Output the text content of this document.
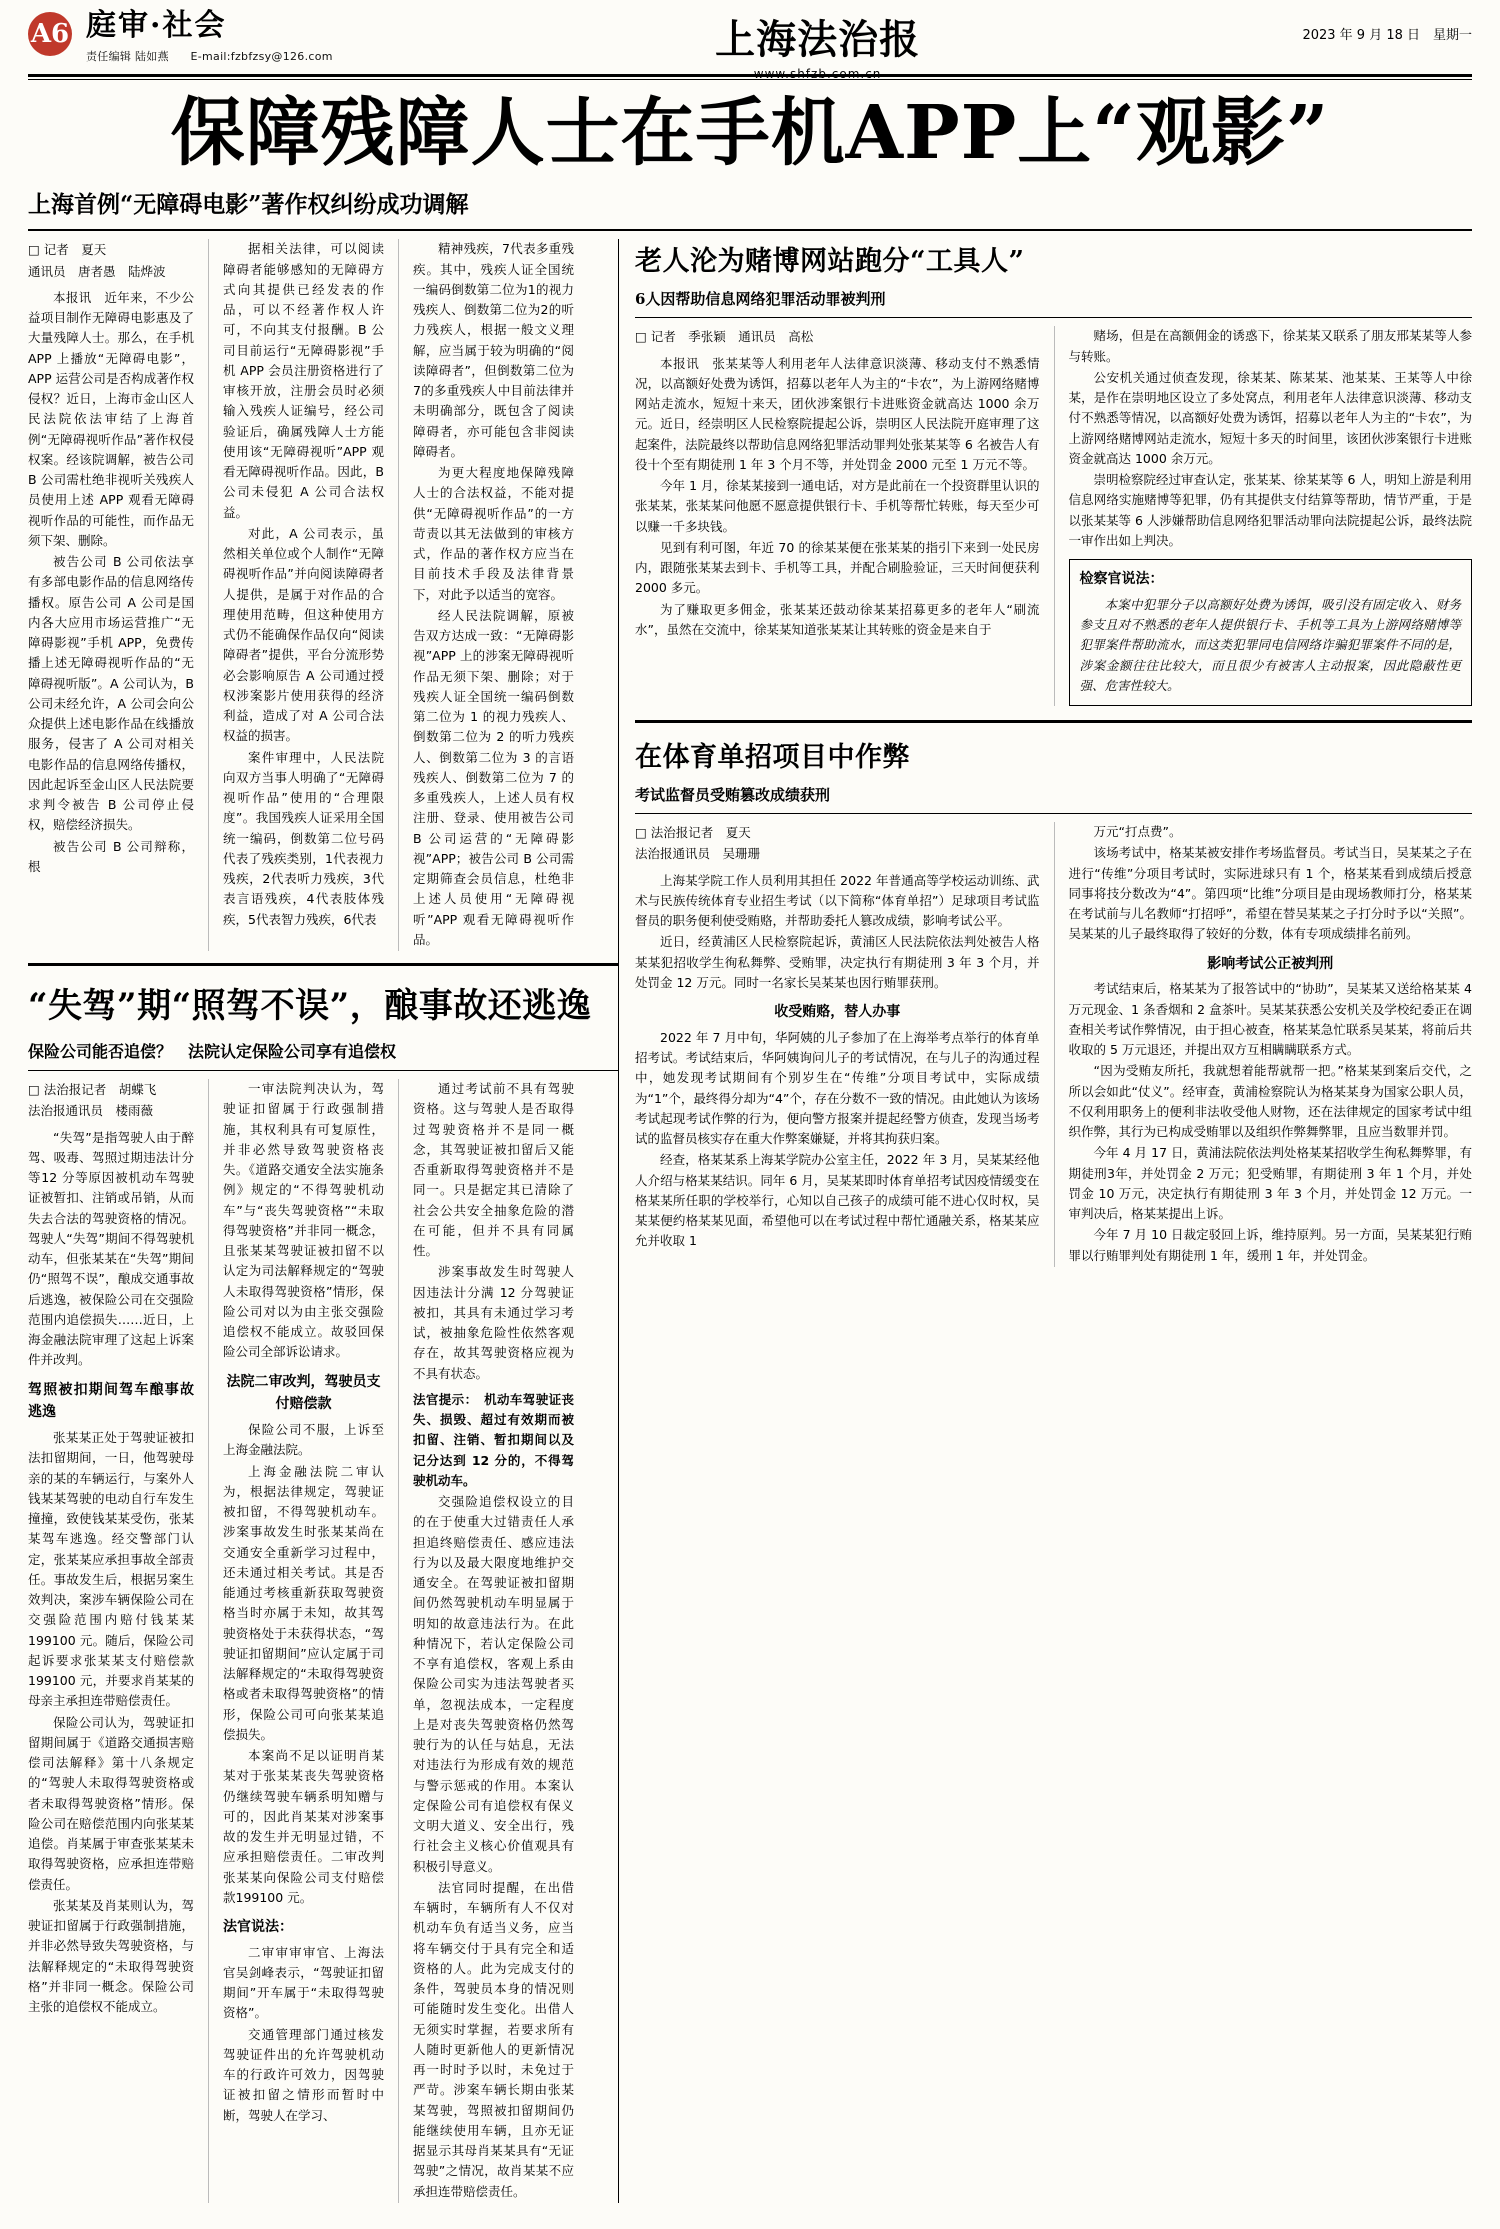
A6 庭审·社会
责任编辑 陆如燕 E-mail:fzbfzsy@126.com	上海法治报
www.shfzb.com.cn
2023 年 9 月 18 日　星期一
保障残障人士在手机APP上“观影”
上海首例“无障碍电影”著作权纠纷成功调解
□ 记者　夏天
通讯员　唐者愚　陆烨波

本报讯　近年来，不少公益项目制作无障碍电影惠及了大量残障人士。那么，在手机 APP 上播放“无障碍电影”，APP 运营公司是否构成著作权侵权？近日，上海市金山区人民法院依法审结了上海首例“无障碍视听作品”著作权侵权案。经该院调解，被告公司 B 公司需杜绝非视听关残疾人员使用上述 APP 观看无障碍视听作品的可能性，而作品无须下架、删除。

被告公司 B 公司依法享有多部电影作品的信息网络传播权。原告公司 A 公司是国内各大应用市场运营推广“无障碍影视”手机 APP，免费传播上述无障碍视听作品的“无障碍视听版”。A 公司认为，B 公司未经允许，A 公司会向公众提供上述电影作品在线播放服务，侵害了 A 公司对相关电影作品的信息网络传播权，因此起诉至金山区人民法院要求判令被告 B 公司停止侵权，赔偿经济损失。

被告公司 B 公司辩称，根

据相关法律，可以阅读障碍者能够感知的无障碍方式向其提供已经发表的作品，可以不经著作权人许可，不向其支付报酬。B 公司目前运行“无障碍影视”手机 APP 会员注册资格进行了审核开放，注册会员时必须输入残疾人证编号，经公司验证后，确属残障人士方能使用该“无障碍视听”APP 观看无障碍视听作品。因此，B 公司未侵犯 A 公司合法权益。

对此，A 公司表示，虽然相关单位或个人制作“无障碍视听作品”并向阅读障碍者人提供，是属于对作品的合理使用范畴，但这种使用方式仍不能确保作品仅向“阅读障碍者”提供，平台分流形势必会影响原告 A 公司通过授权涉案影片使用获得的经济利益，造成了对 A 公司合法权益的损害。

案件审理中，人民法院向双方当事人明确了“无障碍视听作品”使用的“合理限度”。我国残疾人证采用全国统一编码，倒数第二位号码代表了残疾类别，1代表视力残疾，2代表听力残疾，3代表言语残疾，4代表肢体残疾，5代表智力残疾，6代表

精神残疾，7代表多重残疾。其中，残疾人证全国统一编码倒数第二位为1的视力残疾人、倒数第二位为2的听力残疾人，根据一般文义理解，应当属于较为明确的“阅读障碍者”，但倒数第二位为7的多重残疾人中目前法律并未明确部分，既包含了阅读障碍者，亦可能包含非阅读障碍者。

为更大程度地保障残障人士的合法权益，不能对提供“无障碍视听作品”的一方苛责以其无法做到的审核方式，作品的著作权方应当在目前技术手段及法律背景下，对此予以适当的宽容。

经人民法院调解，原被告双方达成一致：“无障碍影视”APP 上的涉案无障碍视听作品无须下架、删除；对于残疾人证全国统一编码倒数第二位为 1 的视力残疾人、倒数第二位为 2 的听力残疾人、倒数第二位为 3 的言语残疾人、倒数第二位为 7 的多重残疾人，上述人员有权注册、登录、使用被告公司 B 公司运营的“无障碍影视”APP；被告公司 B 公司需定期筛查会员信息，杜绝非上述人员使用“无障碍视听”APP 观看无障碍视听作品。

“失驾”期“照驾不误”，酿事故还逃逸
保险公司能否追偿？　法院认定保险公司享有追偿权
□ 法治报记者　胡蝶飞
法治报通讯员　楼雨薇

“失驾”是指驾驶人由于醉驾、吸毒、驾照过期违法计分等12 分等原因被机动车驾驶证被暂扣、注销或吊销，从而失去合法的驾驶资格的情况。驾驶人“失驾”期间不得驾驶机动车，但张某某在“失驾”期间仍“照驾不误”，酿成交通事故后逃逸，被保险公司在交强险范围内追偿损失……近日，上海金融法院审理了这起上诉案件并改判。

驾照被扣期间驾车酿事故逃逸

张某某正处于驾驶证被扣法扣留期间，一日，他驾驶母亲的某的车辆运行，与案外人钱某某驾驶的电动自行车发生撞撞，致使钱某某受伤，张某某驾车逃逸。经交警部门认定，张某某应承担事故全部责任。事故发生后，根据另案生效判决，案涉车辆保险公司在交强险范围内赔付钱某某 199100 元。随后，保险公司起诉要求张某某支付赔偿款199100 元，并要求肖某某的母亲主承担连带赔偿责任。

保险公司认为，驾驶证扣留期间属于《道路交通损害赔偿司法解释》第十八条规定的“驾驶人未取得驾驶资格或者未取得驾驶资格”情形。保险公司在赔偿范围内向张某某追偿。肖某属于审查张某某未取得驾驶资格，应承担连带赔偿责任。

张某某及肖某则认为，驾驶证扣留属于行政强制措施，并非必然导致失驾驶资格，与法解释规定的“未取得驾驶资格”并非同一概念。保险公司主张的追偿权不能成立。

一审法院判决认为，驾驶证扣留属于行政强制措施，其权利具有可复原性，并非必然导致驾驶资格丧失。《道路交通安全法实施条例》规定的“不得驾驶机动车”与“丧失驾驶资格”“未取得驾驶资格”并非同一概念，且张某某驾驶证被扣留不以认定为司法解释规定的“驾驶人未取得驾驶资格”情形，保险公司对以为由主张交强险追偿权不能成立。故驳回保险公司全部诉讼请求。

法院二审改判，驾驶员支付赔偿款

保险公司不服，上诉至上海金融法院。

上海金融法院二审认为，根据法律规定，驾驶证被扣留，不得驾驶机动车。涉案事故发生时张某某尚在交通安全重新学习过程中，还未通过相关考试。其是否能通过考核重新获取驾驶资格当时亦属于未知，故其驾驶资格处于未获得状态，“驾驶证扣留期间”应认定属于司法解释规定的“未取得驾驶资格或者未取得驾驶资格”的情形，保险公司可向张某某追偿损失。

本案尚不足以证明肖某某对于张某某丧失驾驶资格仍继续驾驶车辆系明知赠与可的，因此肖某某对涉案事故的发生并无明显过错，不应承担赔偿责任。二审改判张某某向保险公司支付赔偿款199100 元。

法官说法：

二审审审审官、上海法官吴剑峰表示，“驾驶证扣留期间”开车属于“未取得驾驶资格”。

交通管理部门通过核发驾驶证件出的允许驾驶机动车的行政许可效力，因驾驶证被扣留之情形而暂时中断，驾驶人在学习、

通过考试前不具有驾驶资格。这与驾驶人是否取得过驾驶资格并不是同一概念，其驾驶证被扣留后又能否重新取得驾驶资格并不是同一。只是据定其已清除了社会公共安全抽象危险的潜在可能，但并不具有同属性。

涉案事故发生时驾驶人因违法计分满 12 分驾驶证被扣，其具有未通过学习考试，被抽象危险性依然客观存在，故其驾驶资格应视为不具有状态。

法官提示：　机动车驾驶证丧失、损毁、超过有效期而被扣留、注销、暂扣期间以及记分达到 12 分的，不得驾驶机动车。

交强险追偿权设立的目的在于使重大过错责任人承担追终赔偿责任、感应违法行为以及最大限度地维护交通安全。在驾驶证被扣留期间仍然驾驶机动车明显属于明知的故意违法行为。在此种情况下，若认定保险公司不享有追偿权，客观上系由保险公司实为违法驾驶者买单，忽视法成本，一定程度上是对丧失驾驶资格仍然驾驶行为的认任与姑息，无法对违法行为形成有效的规范与警示惩戒的作用。本案认定保险公司有追偿权有保义文明大道义、安全出行，残行社会主义核心价值观具有积极引导意义。

法官同时提醒，在出借车辆时，车辆所有人不仅对机动车负有适当义务，应当将车辆交付于具有完全和适资格的人。此为完成支付的条件，驾驶员本身的情况则可能随时发生变化。出借人无须实时掌握，若要求所有人随时更新他人的更新情况再一时时予以时，未免过于严苛。涉案车辆长期由张某某驾驶，驾照被扣留期间仍能继续使用车辆，且亦无证据显示其母肖某某具有“无证驾驶”之情况，故肖某某不应承担连带赔偿责任。

老人沦为赌博网站跑分“工具人”
6人因帮助信息网络犯罪活动罪被判刑
□ 记者　季张颖　通讯员　高松

本报讯　张某某等人利用老年人法律意识淡薄、移动支付不熟悉情况，以高额好处费为诱饵，招募以老年人为主的“卡农”，为上游网络赌博网站走流水，短短十来天，团伙涉案银行卡进账资金就高达 1000 余万元。近日，经崇明区人民检察院提起公诉，崇明区人民法院开庭审理了这起案件，法院最终以帮助信息网络犯罪活动罪判处张某某等 6 名被告人有役十个至有期徒刑 1 年 3 个月不等，并处罚金 2000 元至 1 万元不等。

今年 1 月，徐某某接到一通电话，对方是此前在一个投资群里认识的张某某，张某某问他愿不愿意提供银行卡、手机等帮忙转账，每天至少可以赚一千多块钱。

见到有利可图，年近 70 的徐某某便在张某某的指引下来到一处民房内，跟随张某某去到卡、手机等工具，并配合刷脸验证，三天时间便获利 2000 多元。

为了赚取更多佣金，张某某还鼓动徐某某招募更多的老年人“刷流水”，虽然在交流中，徐某某知道张某某让其转账的资金是来自于

赌场，但是在高额佣金的诱惑下，徐某某又联系了朋友邢某某等人参与转账。

公安机关通过侦查发现，徐某某、陈某某、池某某、王某等人中徐某，是作在崇明地区设立了多处窝点，利用老年人法律意识淡薄、移动支付不熟悉等情况，以高额好处费为诱饵，招募以老年人为主的“卡农”，为上游网络赌博网站走流水，短短十多天的时间里，该团伙涉案银行卡进账资金就高达 1000 余万元。

崇明检察院经过审查认定，张某某、徐某某等 6 人，明知上游是利用信息网络实施赌博等犯罪，仍有其提供支付结算等帮助，情节严重，于是以张某某等 6 人涉嫌帮助信息网络犯罪活动罪向法院提起公诉，最终法院一审作出如上判决。

检察官说法：

本案中犯罪分子以高额好处费为诱饵，吸引没有固定收入、财务参支且对不熟悉的老年人提供银行卡、手机等工具为上游网络赌博等犯罪案件帮助流水，而这类犯罪同电信网络诈骗犯罪案件不同的是，涉案金额往往比较大，而且很少有被害人主动报案，因此隐蔽性更强、危害性较大。

在体育单招项目中作弊
考试监督员受贿篡改成绩获刑
□ 法治报记者　夏天
法治报通讯员　吴珊珊

上海某学院工作人员利用其担任 2022 年普通高等学校运动训练、武术与民族传统体育专业招生考试（以下简称“体育单招”）足球项目考试监督员的职务便利使受贿赂，并帮助委托人篡改成绩，影响考试公平。

近日，经黄浦区人民检察院起诉，黄浦区人民法院依法判处被告人格某某犯招收学生徇私舞弊、受贿罪，决定执行有期徒刑 3 年 3 个月，并处罚金 12 万元。同时一名家长吴某某也因行贿罪获刑。

收受贿赂，替人办事

2022 年 7 月中旬，华阿姨的儿子参加了在上海举考点举行的体育单招考试。考试结束后，华阿姨询问儿子的考试情况，在与儿子的沟通过程中，她发现考试期间有个别岁生在“传维”分项目考试中，实际成绩为“1”个，最终得分却为“4”个，存在分数不一致的情况。由此她认为该场考试起现考试作弊的行为，便向警方报案并提起经警方侦查，发现当场考试的监督员核实存在重大作弊案嫌疑，并将其拘获归案。

经查，格某某系上海某学院办公室主任，2022 年 3 月，吴某某经他人介绍与格某某结识。同年 6 月，吴某某即时体育单招考试因疫情缓变在格某某所任职的学校举行，心知以自己孩子的成绩可能不进心仅时权，吴某某便约格某某见面，希望他可以在考试过程中帮忙通融关系，格某某应允并收取 1

万元“打点费”。

该场考试中，格某某被安排作考场监督员。考试当日，吴某某之子在进行“传维”分项目考试时，实际进球只有 1 个，格某某看到成绩后授意同事将技分数改为“4”。第四项“比维”分项目是由现场教师打分，格某某在考试前与儿名教师“打招呼”，希望在替吴某某之子打分时予以“关照”。吴某某的儿子最终取得了较好的分数，体有专项成绩排名前列。

影响考试公正被判刑

考试结束后，格某某为了报答试中的“协助”，吴某某又送给格某某 4 万元现金、1 条香烟和 2 盒茶叶。吴某某获悉公安机关及学校纪委正在调查相关考试作弊情况，由于担心被查，格某某急忙联系吴某某，将前后共收取的 5 万元退还，并提出双方互相瞒瞒联系方式。

“因为受贿友所托，我就想着能帮就帮一把。”格某某到案后交代，之所以会如此“仗义”。经审查，黄浦检察院认为格某某身为国家公职人员，不仅利用职务上的便利非法收受他人财物，还在法律规定的国家考试中组织作弊，其行为已构成受贿罪以及组织作弊舞弊罪，且应当数罪并罚。

今年 4 月 17 日，黄浦法院依法判处格某某招收学生徇私舞弊罪，有期徒刑3年，并处罚金 2 万元；犯受贿罪，有期徒刑 3 年 1 个月，并处罚金 10 万元，决定执行有期徒刑 3 年 3 个月，并处罚金 12 万元。一审判决后，格某某提出上诉。

今年 7 月 10 日裁定驳回上诉，维持原判。另一方面，吴某某犯行贿罪以行贿罪判处有期徒刑 1 年，缓刑 1 年，并处罚金。
